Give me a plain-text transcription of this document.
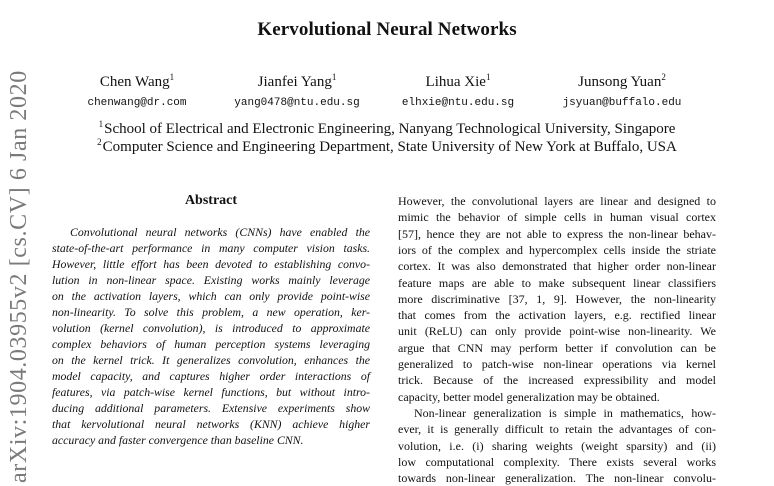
Kervolutional Neural Networks
Chen Wang$^1$
chenwang@dr.com
Jianfei Yang$^1$
yang0478@ntu.edu.sg
Lihua Xie$^1$
elhxie@ntu.edu.sg
Junsong Yuan$^2$
jsyuan@buffalo.edu
$^1$School of Electrical and Electronic Engineering, Nanyang Technological University, Singapore
$^2$Computer Science and Engineering Department, State University of New York at Buffalo, USA
arXiv:1904.03955v2 [cs.CV] 6 Jan 2020	Abstract
Convolutional neural networks (CNNs) have enabled the
state-of-the-art performance in many computer vision tasks.
However, little effort has been devoted to establishing convo-
lution in non-linear space. Existing works mainly leverage
on the activation layers, which can only provide point-wise
non-linearity. To solve this problem, a new operation, ker-
volution (kernel convolution), is introduced to approximate
complex behaviors of human perception systems leveraging
on the kernel trick. It generalizes convolution, enhances the
model capacity, and captures higher order interactions of
features, via patch-wise kernel functions, but without intro-
ducing additional parameters. Extensive experiments show
that kervolutional neural networks (KNN) achieve higher
accuracy and faster convergence than baseline CNN.
However, the convolutional layers are linear and designed to
mimic the behavior of simple cells in human visual cortex
[57], hence they are not able to express the non-linear behav-
iors of the complex and hypercomplex cells inside the striate
cortex. It was also demonstrated that higher order non-linear
feature maps are able to make subsequent linear classifiers
more discriminative [37, 1, 9]. However, the non-linearity
that comes from the activation layers, e.g. rectified linear
unit (ReLU) can only provide point-wise non-linearity. We
argue that CNN may perform better if convolution can be
generalized to patch-wise non-linear operations via kernel
trick. Because of the increased expressibility and model
capacity, better model generalization may be obtained.
Non-linear generalization is simple in mathematics, how-
ever, it is generally difficult to retain the advantages of con-
volution, i.e. (i) sharing weights (weight sparsity) and (ii)
low computational complexity. There exists several works
towards non-linear generalization. The non-linear convolu-
